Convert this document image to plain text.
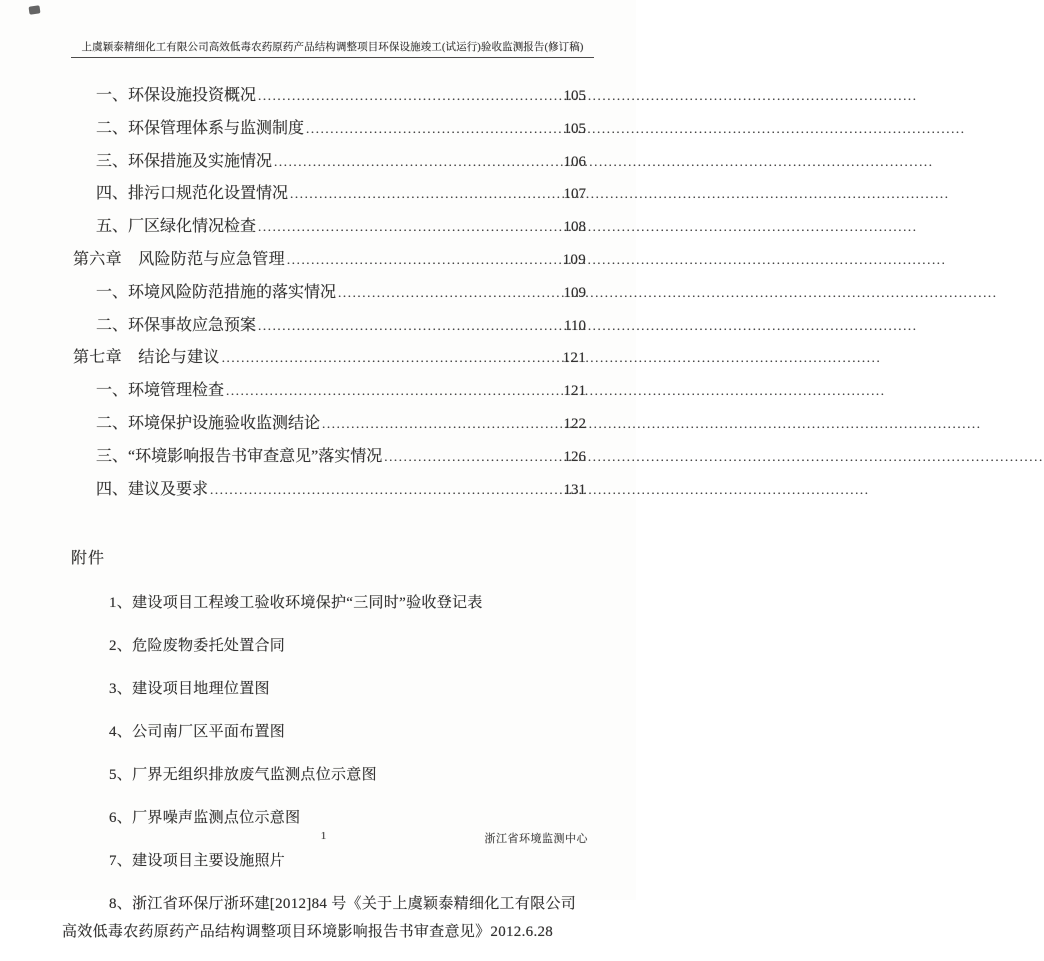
上虞颖泰精细化工有限公司高效低毒农药原药产品结构调整项目环保设施竣工(试运行)验收监测报告(修订稿)
一、环保设施投资概况 .....	105
二、环保管理体系与监测制度 .....	105
三、环保措施及实施情况 .....	106
四、排污口规范化设置情况 .....	107
五、厂区绿化情况检查 .....	108
第六章　风险防范与应急管理 .....	109
一、环境风险防范措施的落实情况 .....	109
二、环保事故应急预案 .....	110
第七章　结论与建议 .....	121
一、环境管理检查 .....	121
二、环境保护设施验收监测结论 .....	122
三、“环境影响报告书审查意见”落实情况 .....	126
四、建议及要求 .....	131
附件

1、建设项目工程竣工验收环境保护“三同时”验收登记表

2、危险废物委托处置合同

3、建设项目地理位置图

4、公司南厂区平面布置图

5、厂界无组织排放废气监测点位示意图

6、厂界噪声监测点位示意图

7、建设项目主要设施照片

8、浙江省环保厅浙环建[2012]84 号《关于上虞颖泰精细化工有限公司高效低毒农药原药产品结构调整项目环境影响报告书审查意见》2012.6.28

1	浙江省环境监测中心
